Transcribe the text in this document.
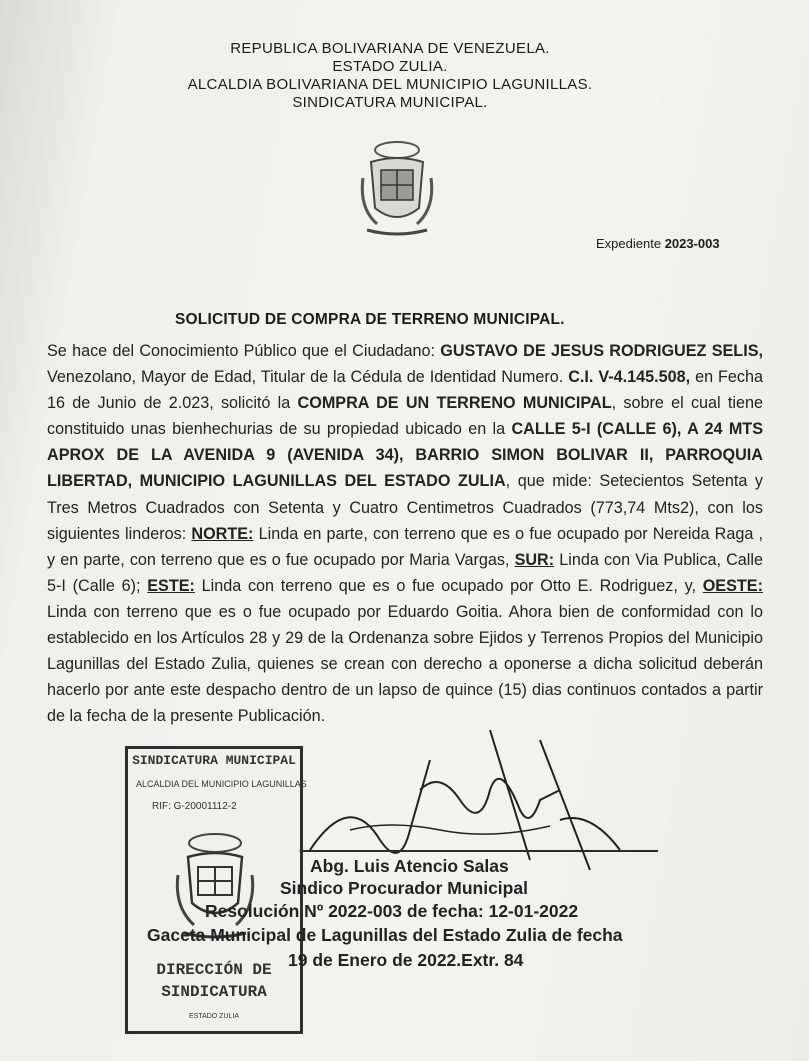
REPUBLICA BOLIVARIANA DE VENEZUELA.
ESTADO ZULIA.
ALCALDIA BOLIVARIANA DEL MUNICIPIO LAGUNILLAS.
SINDICATURA MUNICIPAL.
Expediente 2023-003
SOLICITUD DE COMPRA DE TERRENO MUNICIPAL.
Se hace del Conocimiento Público que el Ciudadano: GUSTAVO DE JESUS RODRIGUEZ SELIS, Venezolano, Mayor de Edad, Titular de la Cédula de Identidad Numero. C.I. V-4.145.508, en Fecha 16 de Junio de 2.023, solicitó la COMPRA DE UN TERRENO MUNICIPAL, sobre el cual tiene constituido unas bienhechurias de su propiedad ubicado en la CALLE 5-I (CALLE 6), A 24 MTS APROX DE LA AVENIDA 9 (AVENIDA 34), BARRIO SIMON BOLIVAR II, PARROQUIA LIBERTAD, MUNICIPIO LAGUNILLAS DEL ESTADO ZULIA, que mide: Setecientos Setenta y Tres Metros Cuadrados con Setenta y Cuatro Centimetros Cuadrados (773,74 Mts2), con los siguientes linderos: NORTE: Linda en parte, con terreno que es o fue ocupado por Nereida Raga , y en parte, con terreno que es o fue ocupado por Maria Vargas, SUR: Linda con Via Publica, Calle 5-I (Calle 6); ESTE: Linda con terreno que es o fue ocupado por Otto E. Rodriguez, y, OESTE: Linda con terreno que es o fue ocupado por Eduardo Goitia. Ahora bien de conformidad con lo establecido en los Artículos 28 y 29 de la Ordenanza sobre Ejidos y Terrenos Propios del Municipio Lagunillas del Estado Zulia, quienes se crean con derecho a oponerse a dicha solicitud deberán hacerlo por ante este despacho dentro de un lapso de quince (15) dias continuos contados a partir de la fecha de la presente Publicación.
SINDICATURA MUNICIPAL
ALCALDIA DEL MUNICIPIO LAGUNILLAS
RIF: G-20001112-2
DIRECCIÓN DE
SINDICATURA
ESTADO ZULIA
Abg. Luis Atencio Salas
Sindico Procurador Municipal
Resolución Nº 2022-003 de fecha: 12-01-2022
Gaceta Municipal de Lagunillas del Estado Zulia de fecha
19 de Enero de 2022.Extr. 84
